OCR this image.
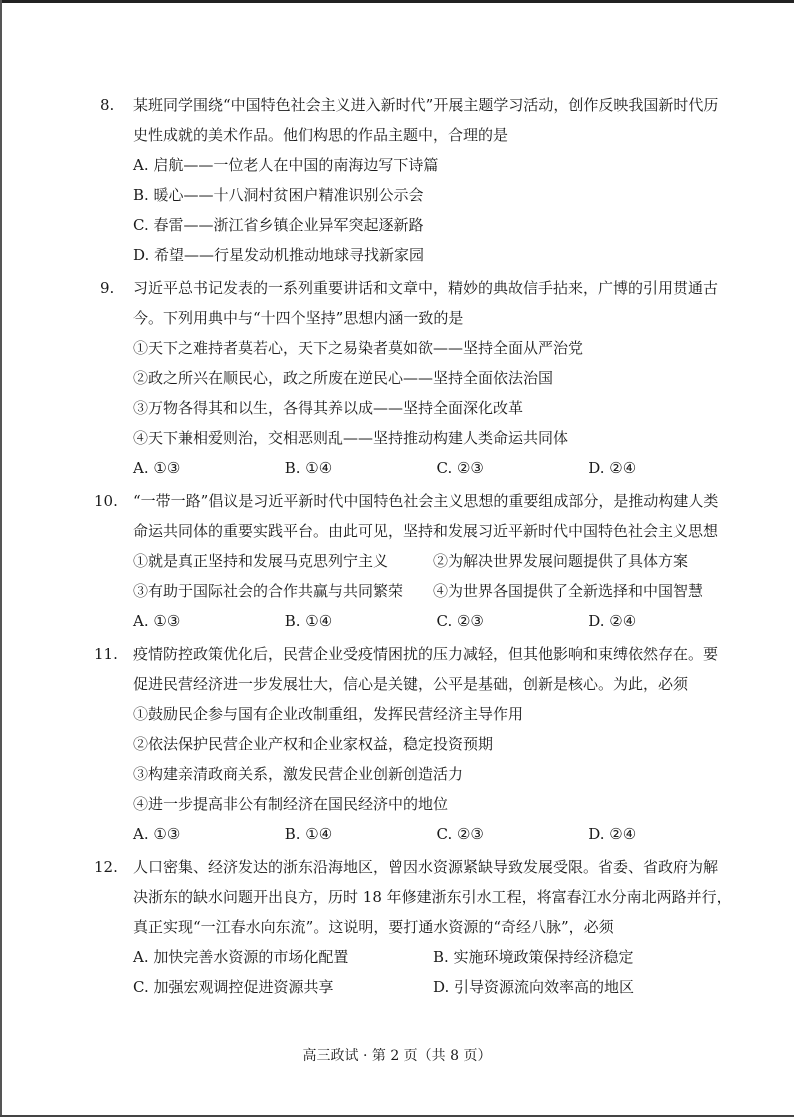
8.	某班同学围绕“中国特色社会主义进入新时代”开展主题学习活动，创作反映我国新时代历
史性成就的美术作品。他们构思的作品主题中，合理的是
A. 启航——一位老人在中国的南海边写下诗篇
B. 暖心——十八洞村贫困户精准识别公示会
C. 春雷——浙江省乡镇企业异军突起逐新路
D. 希望——行星发动机推动地球寻找新家园
9.	习近平总书记发表的一系列重要讲话和文章中，精妙的典故信手拈来，广博的引用贯通古
今。下列用典中与“十四个坚持”思想内涵一致的是
①天下之难持者莫若心，天下之易染者莫如欲——坚持全面从严治党
②政之所兴在顺民心，政之所废在逆民心——坚持全面依法治国
③万物各得其和以生，各得其养以成——坚持全面深化改革
④天下兼相爱则治，交相恶则乱——坚持推动构建人类命运共同体
A. ①③	B. ①④	C. ②③	D. ②④
10.	“一带一路”倡议是习近平新时代中国特色社会主义思想的重要组成部分，是推动构建人类
命运共同体的重要实践平台。由此可见，坚持和发展习近平新时代中国特色社会主义思想
①就是真正坚持和发展马克思列宁主义	②为解决世界发展问题提供了具体方案
③有助于国际社会的合作共赢与共同繁荣	④为世界各国提供了全新选择和中国智慧
A. ①③	B. ①④	C. ②③	D. ②④
11.	疫情防控政策优化后，民营企业受疫情困扰的压力减轻，但其他影响和束缚依然存在。要
促进民营经济进一步发展壮大，信心是关键，公平是基础，创新是核心。为此，必须
①鼓励民企参与国有企业改制重组，发挥民营经济主导作用
②依法保护民营企业产权和企业家权益，稳定投资预期
③构建亲清政商关系，激发民营企业创新创造活力
④进一步提高非公有制经济在国民经济中的地位
A. ①③	B. ①④	C. ②③	D. ②④
12.	人口密集、经济发达的浙东沿海地区，曾因水资源紧缺导致发展受限。省委、省政府为解
决浙东的缺水问题开出良方，历时 18 年修建浙东引水工程，将富春江水分南北两路并行，
真正实现“一江春水向东流”。这说明，要打通水资源的“奇经八脉”，必须
A. 加快完善水资源的市场化配置	B. 实施环境政策保持经济稳定
C. 加强宏观调控促进资源共享	D. 引导资源流向效率高的地区
高三政试 · 第 2 页（共 8 页）
